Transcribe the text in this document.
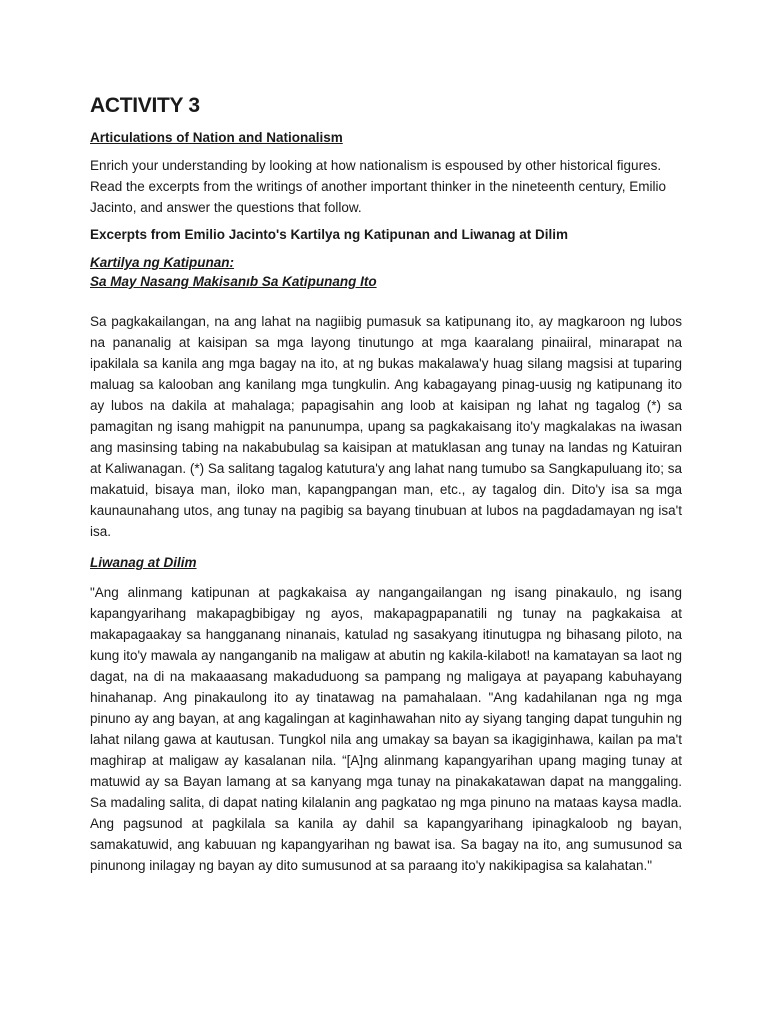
ACTIVITY 3
Articulations of Nation and Nationalism

Enrich your understanding by looking at how nationalism is espoused by other historical figures. Read the excerpts from the writings of another important thinker in the nineteenth century, Emilio Jacinto, and answer the questions that follow.

Excerpts from Emilio Jacinto's Kartilya ng Katipunan and Liwanag at Dilim
Kartilya ng Katipunan:
Sa May Nasang Makisanıb Sa Katipunang Ito

Sa pagkakailangan, na ang lahat na nagiibig pumasuk sa katipunang ito, ay magkaroon ng lubos na pananalig at kaisipan sa mga layong tinutungo at mga kaaralang pinaiiral, minarapat na ipakilala sa kanila ang mga bagay na ito, at ng bukas makalawa'y huag silang magsisi at tuparing maluag sa kalooban ang kanilang mga tungkulin. Ang kabagayang pinag-uusig ng katipunang ito ay lubos na dakila at mahalaga; papagisahin ang loob at kaisipan ng lahat ng tagalog (*) sa pamagitan ng isang mahigpit na panunumpa, upang sa pagkakaisang ito'y magkalakas na iwasan ang masinsing tabing na nakabubulag sa kaisipan at matuklasan ang tunay na landas ng Katuiran at Kaliwanagan. (*) Sa salitang tagalog katutura'y ang lahat nang tumubo sa Sangkapuluang ito; sa makatuid, bisaya man, iloko man, kapangpangan man, etc., ay tagalog din. Dito'y isa sa mga kaunaunahang utos, ang tunay na pagibig sa bayang tinubuan at lubos na pagdadamayan ng isa't isa.

Liwanag at Dilim

"Ang alinmang katipunan at pagkakaisa ay nangangailangan ng isang pinakaulo, ng isang kapangyarihang makapagbibigay ng ayos, makapagpapanatili ng tunay na pagkakaisa at makapagaakay sa hangganang ninanais, katulad ng sasakyang itinutugpa ng bihasang piloto, na kung ito'y mawala ay nanganganib na maligaw at abutin ng kakila-kilabot! na kamatayan sa laot ng dagat, na di na makaaasang makaduduong sa pampang ng maligaya at payapang kabuhayang hinahanap. Ang pinakaulong ito ay tinatawag na pamahalaan. "Ang kadahilanan nga ng mga pinuno ay ang bayan, at ang kagalingan at kaginhawahan nito ay siyang tanging dapat tunguhin ng lahat nilang gawa at kautusan. Tungkol nila ang umakay sa bayan sa ikagiginhawa, kailan pa ma't maghirap at maligaw ay kasalanan nila. “[A]ng alinmang kapangyarihan upang maging tunay at matuwid ay sa Bayan lamang at sa kanyang mga tunay na pinakakatawan dapat na manggaling. Sa madaling salita, di dapat nating kilalanin ang pagkatao ng mga pinuno na mataas kaysa madla. Ang pagsunod at pagkilala sa kanila ay dahil sa kapangyarihang ipinagkaloob ng bayan, samakatuwid, ang kabuuan ng kapangyarihan ng bawat isa. Sa bagay na ito, ang sumusunod sa pinunong inilagay ng bayan ay dito sumusunod at sa paraang ito'y nakikipagisa sa kalahatan."
